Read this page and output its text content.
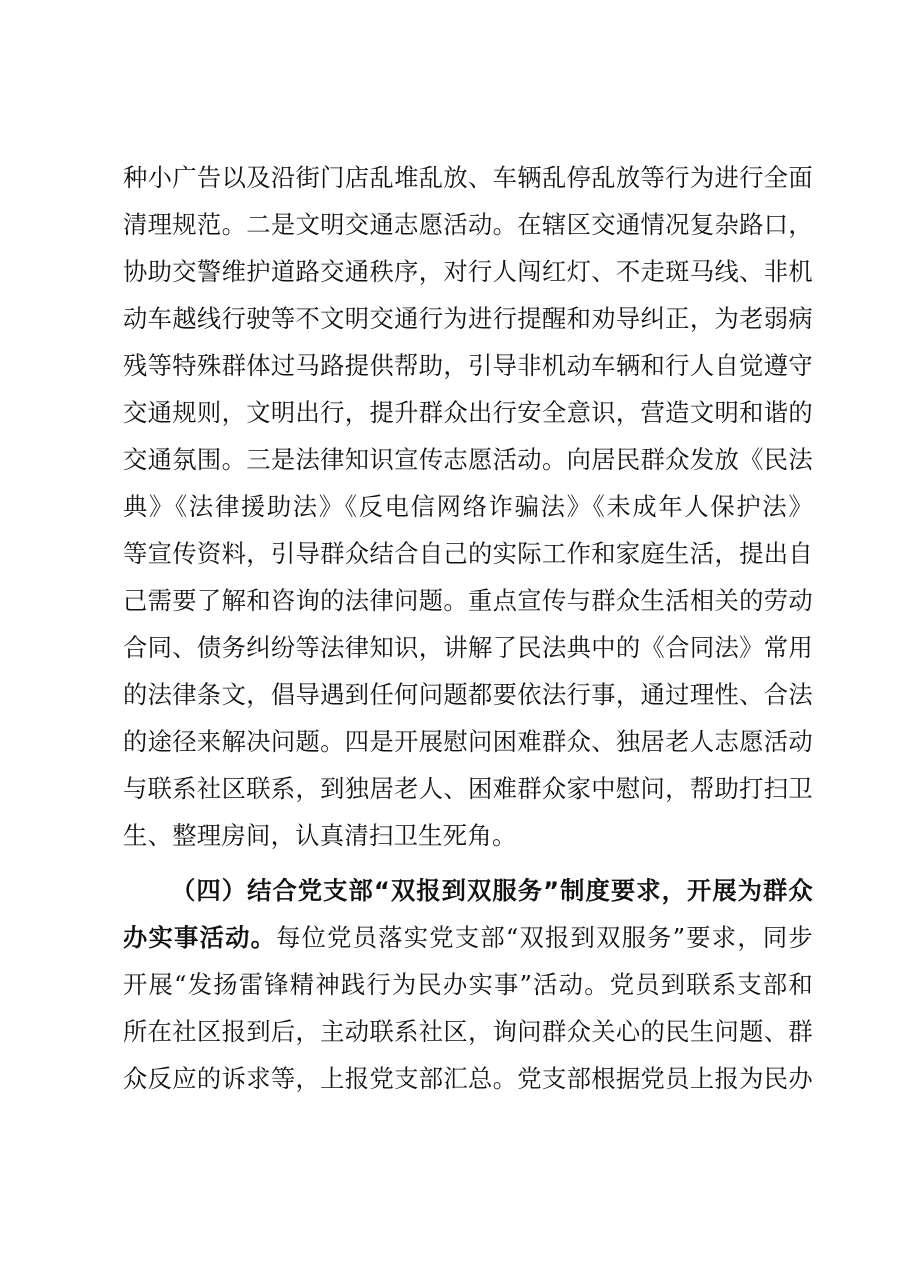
种小广告以及沿街门店乱堆乱放、车辆乱停乱放等行为进行全面
清理规范。二是文明交通志愿活动。在辖区交通情况复杂路口，
协助交警维护道路交通秩序，对行人闯红灯、不走斑马线、非机
动车越线行驶等不文明交通行为进行提醒和劝导纠正，为老弱病
残等特殊群体过马路提供帮助，引导非机动车辆和行人自觉遵守
交通规则，文明出行，提升群众出行安全意识，营造文明和谐的
交通氛围。三是法律知识宣传志愿活动。向居民群众发放《民法
典》《法律援助法》《反电信网络诈骗法》《未成年人保护法》
等宣传资料，引导群众结合自己的实际工作和家庭生活，提出自
己需要了解和咨询的法律问题。重点宣传与群众生活相关的劳动
合同、债务纠纷等法律知识，讲解了民法典中的《合同法》常用
的法律条文，倡导遇到任何问题都要依法行事，通过理性、合法
的途径来解决问题。四是开展慰问困难群众、独居老人志愿活动
与联系社区联系，到独居老人、困难群众家中慰问，帮助打扫卫
生、整理房间，认真清扫卫生死角。
（四）结合党支部“双报到双服务”制度要求，开展为群众
办实事活动。每位党员落实党支部“双报到双服务”要求，同步
开展“发扬雷锋精神践行为民办实事”活动。党员到联系支部和
所在社区报到后，主动联系社区，询问群众关心的民生问题、群
众反应的诉求等，上报党支部汇总。党支部根据党员上报为民办
